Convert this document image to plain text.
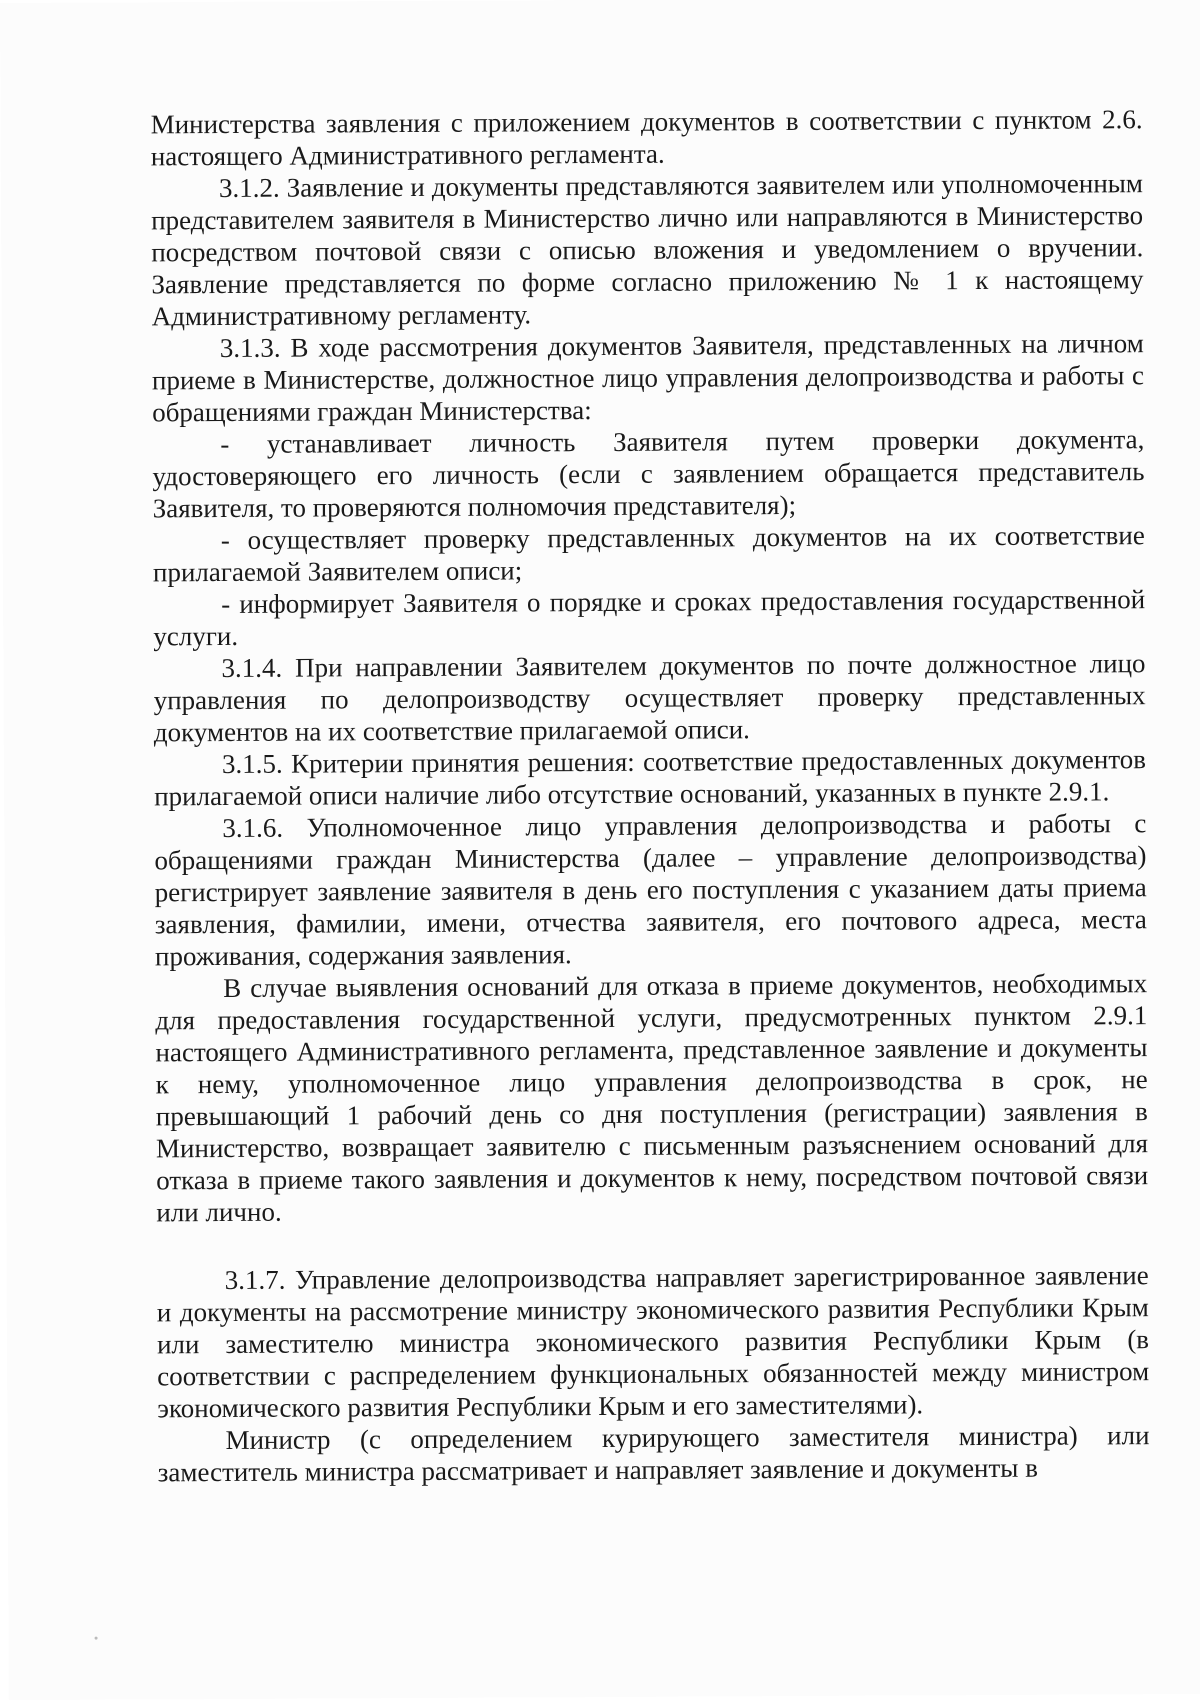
Министерства заявления с приложением документов в соответствии с пунктом 2.6. настоящего Административного регламента.

3.1.2. Заявление и документы представляются заявителем или уполномоченным представителем заявителя в Министерство лично или направляются в Министерство посредством почтовой связи с описью вложения и уведомлением о вручении. Заявление представляется по форме согласно приложению № 1 к настоящему Административному регламенту.

3.1.3. В ходе рассмотрения документов Заявителя, представленных на личном приеме в Министерстве, должностное лицо управления делопроизводства и работы с обращениями граждан Министерства:

- устанавливает личность Заявителя путем проверки документа, удостоверяющего его личность (если с заявлением обращается представитель Заявителя, то проверяются полномочия представителя);

- осуществляет проверку представленных документов на их соответствие прилагаемой Заявителем описи;

- информирует Заявителя о порядке и сроках предоставления государственной услуги.

3.1.4. При направлении Заявителем документов по почте должностное лицо управления по делопроизводству осуществляет проверку представленных документов на их соответствие прилагаемой описи.

3.1.5. Критерии принятия решения: соответствие предоставленных документов прилагаемой описи наличие либо отсутствие оснований, указанных в пункте 2.9.1.

3.1.6. Уполномоченное лицо управления делопроизводства и работы с обращениями граждан Министерства (далее – управление делопроизводства) регистрирует заявление заявителя в день его поступления с указанием даты приема заявления, фамилии, имени, отчества заявителя, его почтового адреса, места проживания, содержания заявления.

В случае выявления оснований для отказа в приеме документов, необходимых для предоставления государственной услуги, предусмотренных пунктом 2.9.1 настоящего Административного регламента, представленное заявление и документы к нему, уполномоченное лицо управления делопроизводства в срок, не превышающий 1 рабочий день со дня поступления (регистрации) заявления в Министерство, возвращает заявителю с письменным разъяснением оснований для отказа в приеме такого заявления и документов к нему, посредством почтовой связи или лично.

3.1.7. Управление делопроизводства направляет зарегистрированное заявление и документы на рассмотрение министру экономического развития Республики Крым или заместителю министра экономического развития Республики Крым (в соответствии с распределением функциональных обязанностей между министром экономического развития Республики Крым и его заместителями).

Министр (с определением курирующего заместителя министра) или заместитель министра рассматривает и направляет заявление и документы в
